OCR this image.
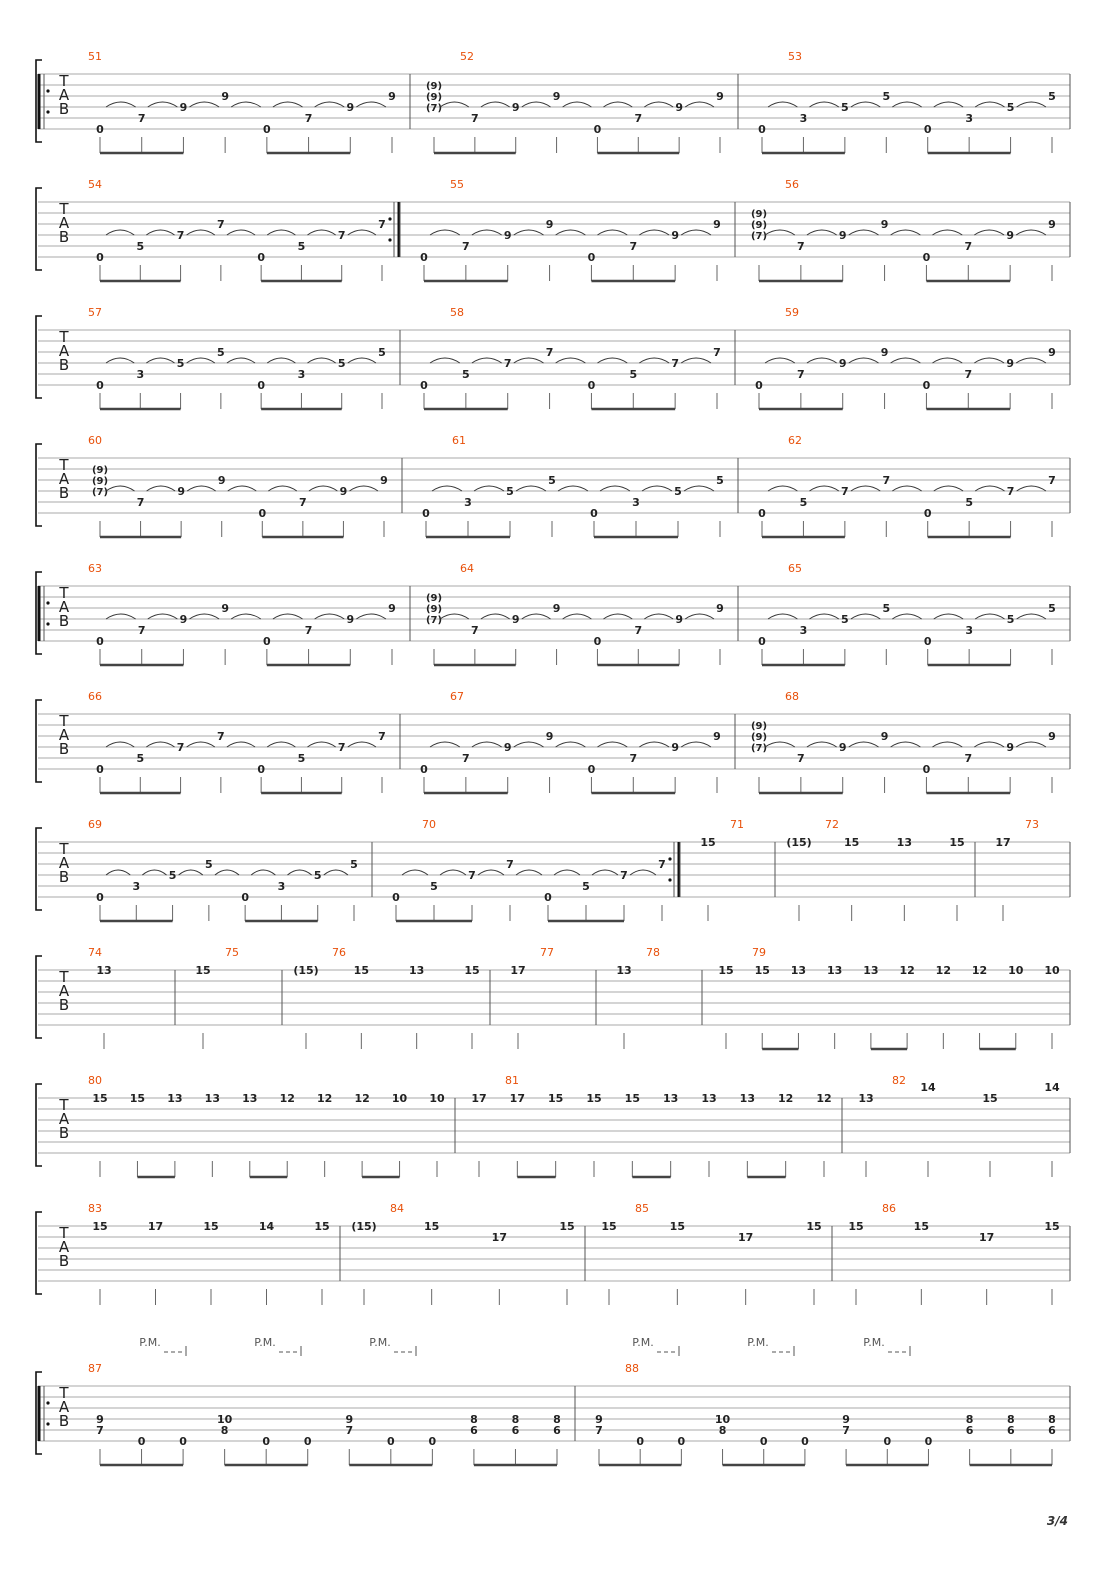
T
A
B
51
0
7
9
9
0
7
9
9
52
(9)
(9)
(7)
7
9
9
0
7
9
9
53
0
3
5
5
0
3
5
5
T
A
B
54
0
5
7
7
0
5
7
7
55
0
7
9
9
0
7
9
9
56
(9)
(9)
(7)
7
9
9
0
7
9
9
T
A
B
57
0
3
5
5
0
3
5
5
58
0
5
7
7
0
5
7
7
59
0
7
9
9
0
7
9
9
T
A
B
60
(9)
(9)
(7)
7
9
9
0
7
9
9
61
0
3
5
5
0
3
5
5
62
0
5
7
7
0
5
7
7
T
A
B
63
0
7
9
9
0
7
9
9
64
(9)
(9)
(7)
7
9
9
0
7
9
9
65
0
3
5
5
0
3
5
5
T
A
B
66
0
5
7
7
0
5
7
7
67
0
7
9
9
0
7
9
9
68
(9)
(9)
(7)
7
9
9
0
7
9
9
T
A
B
69
0
3
5
5
0
3
5
5
70
0
5
7
7
0
5
7
7
71
15
72
(15)	15	13	15
73
17
T
A
B
74
13
75
15
76
(15)	15	13	15
77
17
78
13
79
15 15 13 13 13 12 12 12 10 10
T
A
B
80
15 15 13 13 13 12 12 12 10 10
81
17 17 15 15 15 13 13 13 12 12
82
13
14
15
14
T
A
B
83
15	17	15	14	15
84
(15)	15
17
15
85
15	15
17
15
86
15	15
17
15
T
A
B
87
9
7
0	0
10
8
0	0
9
7
0	0
8
6
8
6
8
6
88
9
7
0	0
10
8
0	0
9
7
0	0
8
6
8
6
8
6
P.M.	P.M.	P.M.	P.M.	P.M.	P.M.
3/4
